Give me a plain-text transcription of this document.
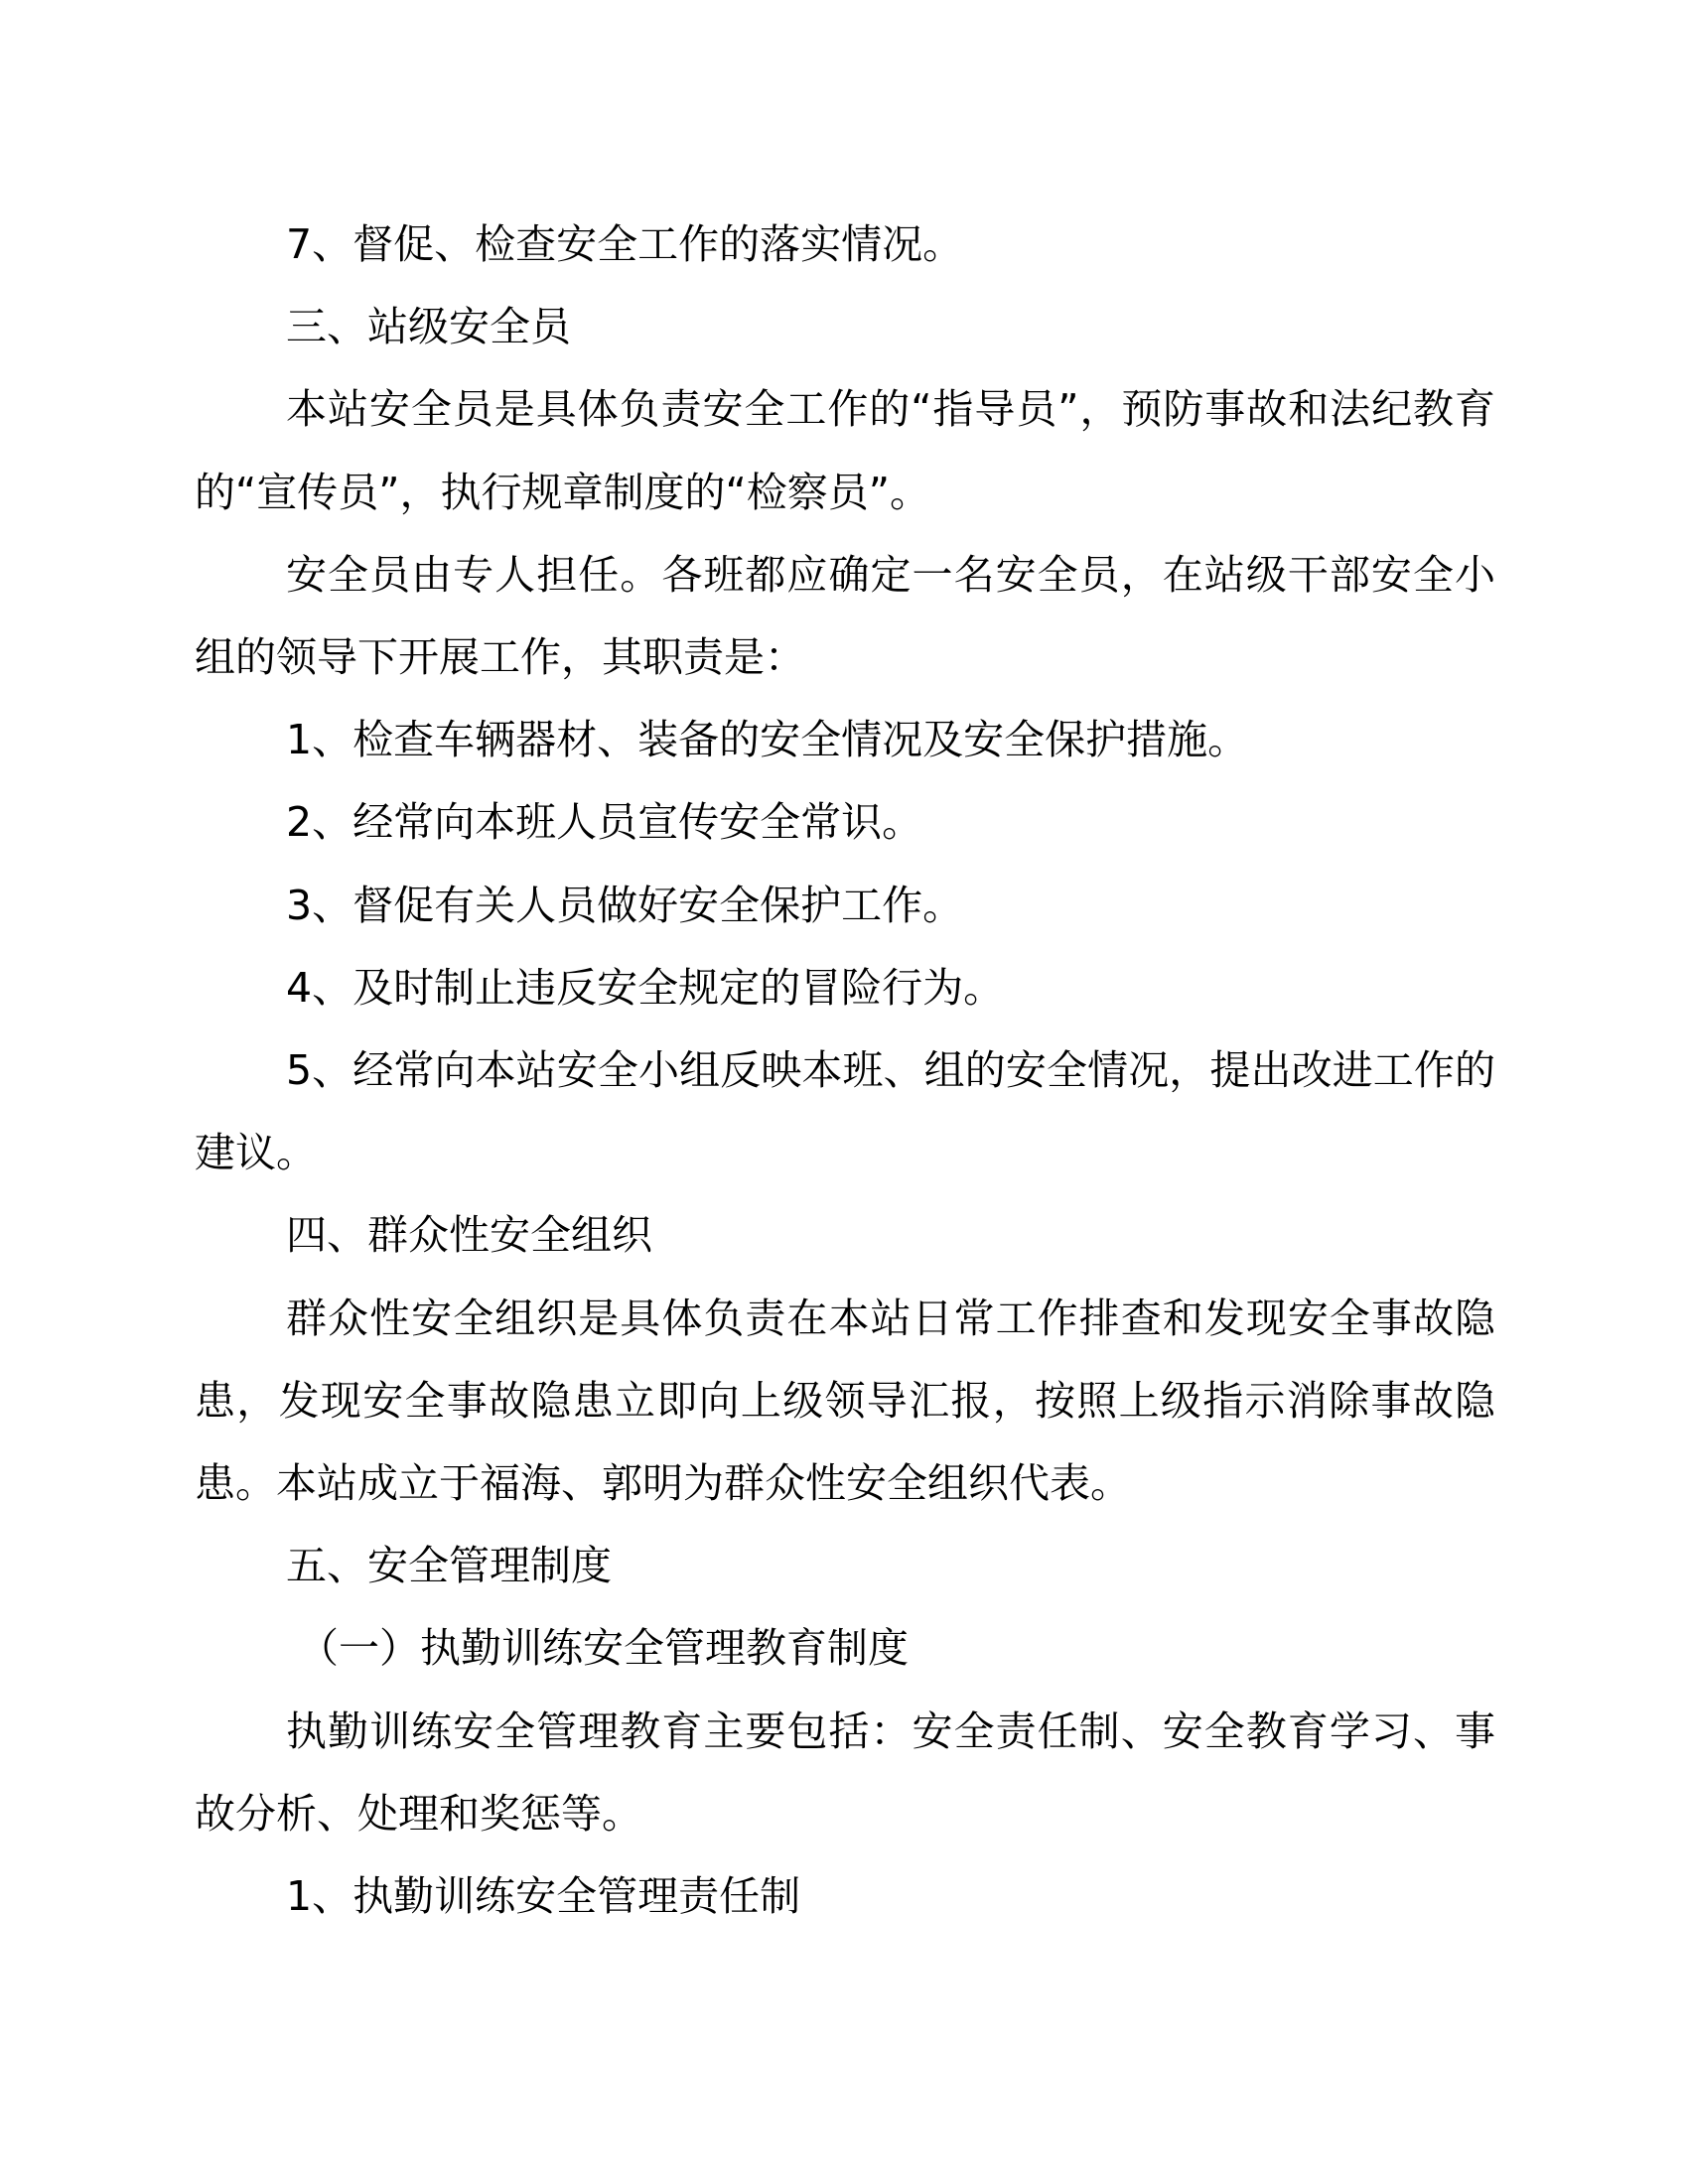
7、督促、检查安全工作的落实情况。

三、站级安全员

本站安全员是具体负责安全工作的“指导员”，预防事故和法纪教育的“宣传员”，执行规章制度的“检察员”。

安全员由专人担任。各班都应确定一名安全员，在站级干部安全小组的领导下开展工作，其职责是：

1、检查车辆器材、装备的安全情况及安全保护措施。

2、经常向本班人员宣传安全常识。

3、督促有关人员做好安全保护工作。

4、及时制止违反安全规定的冒险行为。

5、经常向本站安全小组反映本班、组的安全情况，提出改进工作的建议。

四、群众性安全组织

群众性安全组织是具体负责在本站日常工作排查和发现安全事故隐患，发现安全事故隐患立即向上级领导汇报，按照上级指示消除事故隐患。本站成立于福海、郭明为群众性安全组织代表。

五、安全管理制度

（一）执勤训练安全管理教育制度

执勤训练安全管理教育主要包括：安全责任制、安全教育学习、事故分析、处理和奖惩等。

1、执勤训练安全管理责任制
